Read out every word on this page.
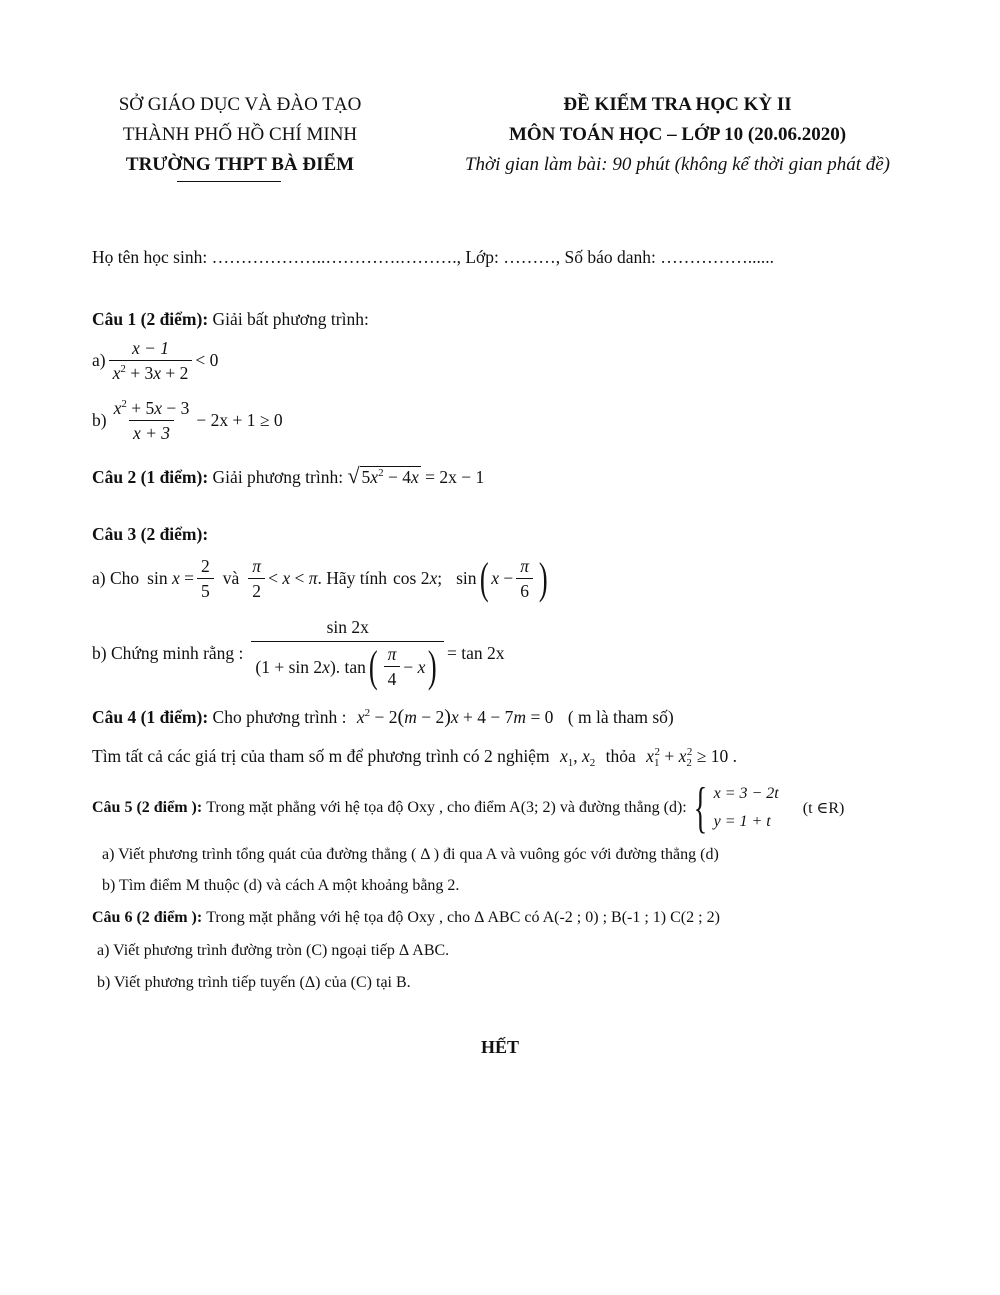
SỞ GIÁO DỤC VÀ ĐÀO TẠO
THÀNH PHỐ HỒ CHÍ MINH
TRƯỜNG THPT BÀ ĐIỂM
ĐỀ KIỂM TRA HỌC KỲ II
MÔN TOÁN HỌC – LỚP 10 (20.06.2020)
Thời gian làm bài: 90 phút (không kể thời gian phát đề)
Họ tên học sinh: ………………..………….………., Lớp: ………, Số báo danh: ……………......
Câu 1 (2 điểm): Giải bất phương trình:
$a) \frac{x - 1}{x^2 + 3x + 2} < 0$
$b) \frac{x^2 + 5x - 3}{x + 3} - 2x + 1 \ge 0$
Câu 2 (1 điểm): Giải phương trình: √ $5x^2 - 4x = 2x - 1$
Câu 3 (2 điểm):
a) Cho $\sin x = \frac{2}{5}$ và $\frac{\pi}{2} < x < \pi$ . Hãy tính cos 2x; sin ( $x - \frac{\pi}{6}$ )
b) Chứng minh rằng : $\frac{\sin 2x}{(1 + \sin 2 x ). \tan ( \frac{\pi}{4} - x )} = \tan 2x$
Câu 4 (1 điểm): Cho phương trình : $x^2 - 2(m - 2)x + 4 - 7m = 0$ ( m là tham số)
Tìm tất cả các giá trị của tham số m để phương trình có 2 nghiệm $x_1$, $x_2$ thỏa $x_1^2 + x_2^2 \ge 10$ .
Câu 5 (2 điểm ):
Trong mặt phẳng với hệ tọa độ Oxy , cho điểm A(3; 2) và đường thẳng (d): { x = 3 − 2t
y = 1 + t
(t ∈R)
a) Viết phương trình tổng quát của đường thẳng ( Δ ) đi qua A và vuông góc với đường thẳng (d)
b) Tìm điểm M thuộc (d) và cách A một khoảng bằng 2.
Câu 6 (2 điểm ): Trong mặt phẳng với hệ tọa độ Oxy , cho Δ ABC có A(-2 ; 0) ; B(-1 ; 1) C(2 ; 2)
a) Viết phương trình đường tròn (C) ngoại tiếp Δ ABC.
b) Viết phương trình tiếp tuyến (Δ) của (C) tại B.
HẾT
